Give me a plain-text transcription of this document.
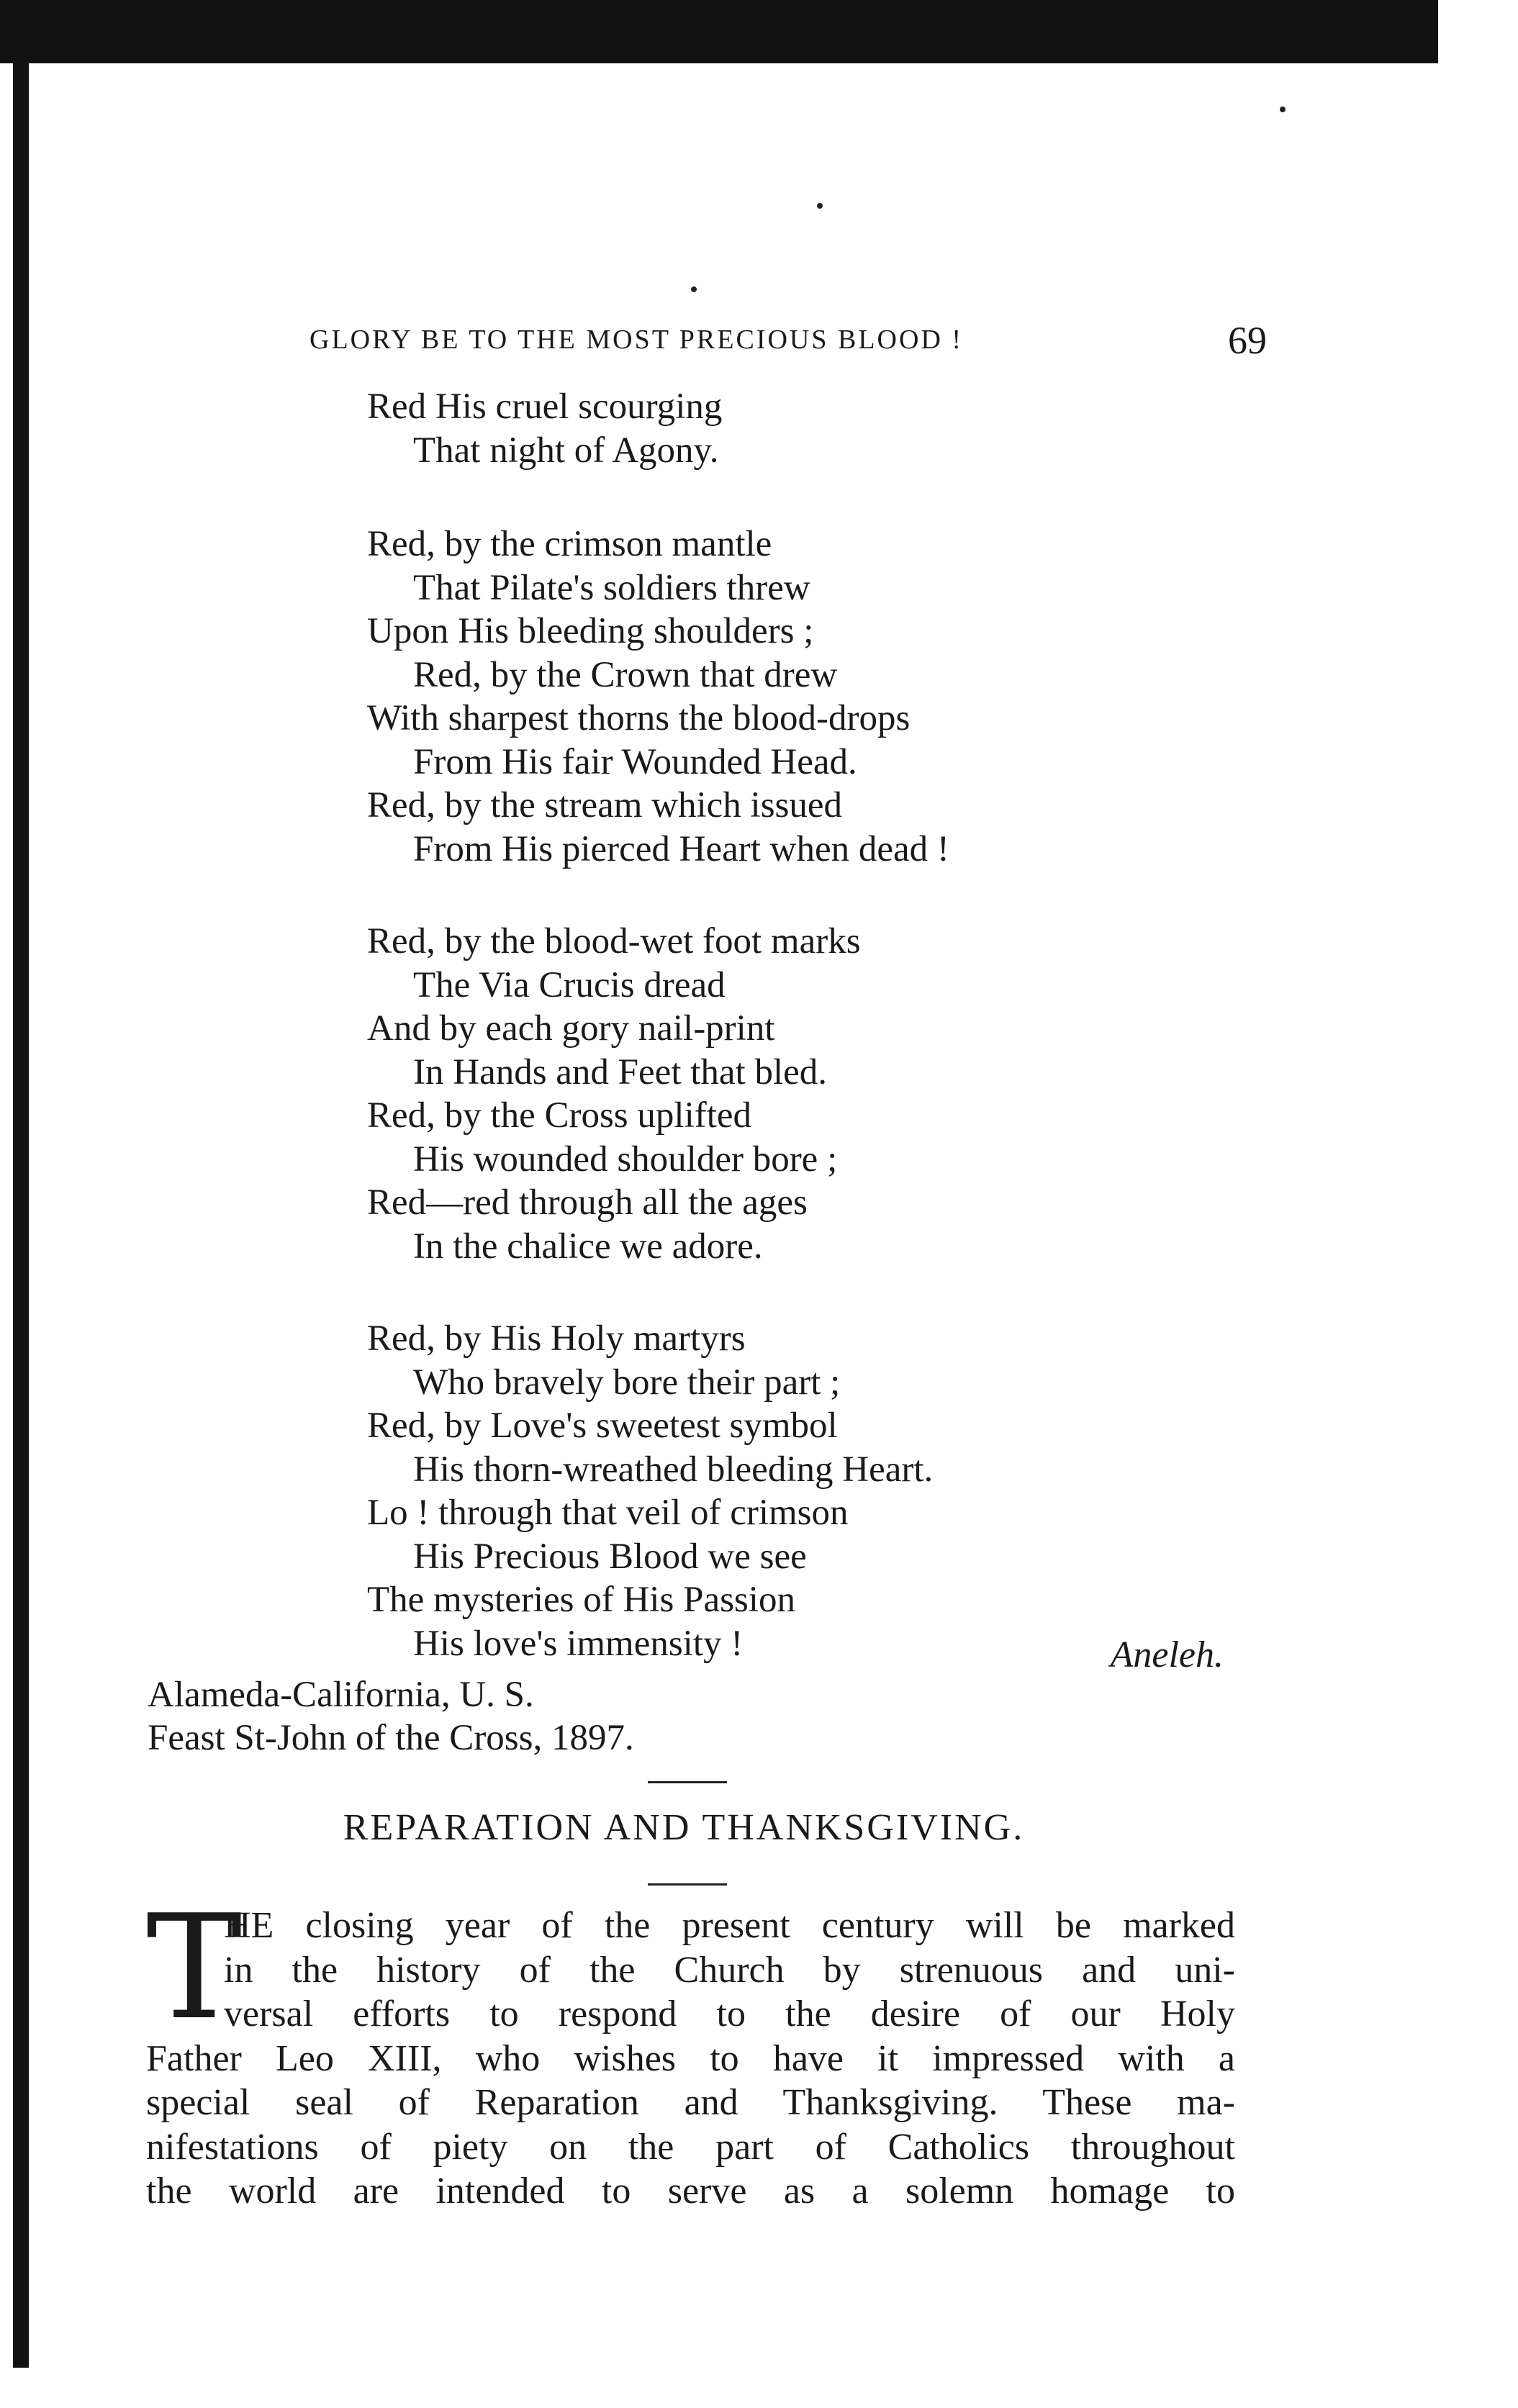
GLORY BE TO THE MOST PRECIOUS BLOOD !	69
Red His cruel scourging
That night of Agony.
Red, by the crimson mantle
That Pilate's soldiers threw
Upon His bleeding shoulders ;
Red, by the Crown that drew
With sharpest thorns the blood-drops
From His fair Wounded Head.
Red, by the stream which issued
From His pierced Heart when dead !
Red, by the blood-wet foot marks
The Via Crucis dread
And by each gory nail-print
In Hands and Feet that bled.
Red, by the Cross uplifted
His wounded shoulder bore ;
Red—red through all the ages
In the chalice we adore.
Red, by His Holy martyrs
Who bravely bore their part ;
Red, by Love's sweetest symbol
His thorn-wreathed bleeding Heart.
Lo ! through that veil of crimson
His Precious Blood we see
The mysteries of His Passion
His love's immensity !	Aneleh.
Alameda-California, U. S.
Feast St-John of the Cross, 1897.
REPARATION AND THANKSGIVING.
T
HE closing year of the present century will be marked
in the history of the Church by strenuous and uni-
versal efforts to respond to the desire of our Holy
Father Leo XIII, who wishes to have it impressed with a
special seal of Reparation and Thanksgiving. These ma-
nifestations of piety on the part of Catholics throughout
the world are intended to serve as a solemn homage to
